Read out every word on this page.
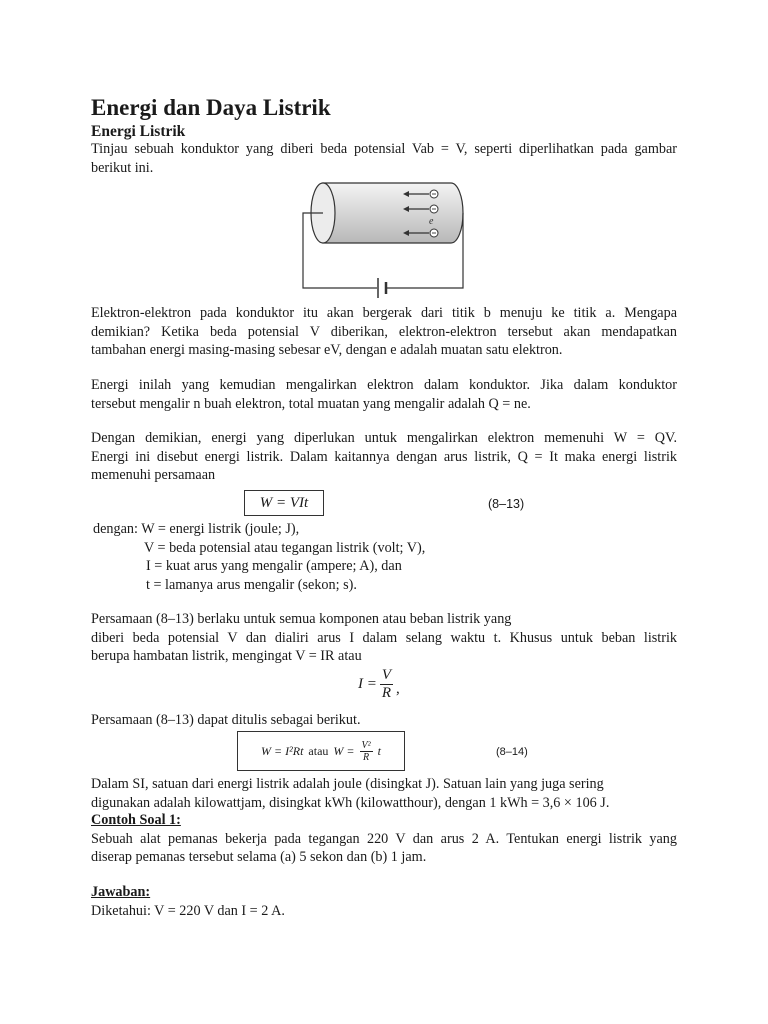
Energi dan Daya Listrik
Energi Listrik

Tinjau sebuah konduktor yang diberi beda potensial Vab = V, seperti diperlihatkan pada gambar
berikut ini.

e

Elektron-elektron pada konduktor itu akan bergerak dari titik b menuju ke titik a. Mengapa
demikian? Ketika beda potensial V diberikan, elektron-elektron tersebut akan mendapatkan
tambahan energi masing-masing sebesar eV, dengan e adalah muatan satu elektron.

Energi inilah yang kemudian mengalirkan elektron dalam konduktor. Jika dalam konduktor
tersebut mengalir n buah elektron, total muatan yang mengalir adalah Q = ne.

Dengan demikian, energi yang diperlukan untuk mengalirkan elektron memenuhi W = QV.
Energi ini disebut energi listrik. Dalam kaitannya dengan arus listrik, Q = It maka energi listrik
memenuhi persamaan

W = VIt	(8–13)

dengan: W = energi listrik (joule; J),
V = beda potensial atau tegangan listrik (volt; V),
I = kuat arus yang mengalir (ampere; A), dan
t = lamanya arus mengalir (sekon; s).

Persamaan (8–13) berlaku untuk semua komponen atau beban listrik yang
diberi beda potensial V dan dialiri arus I dalam selang waktu t. Khusus untuk beban listrik
berupa hambatan listrik, mengingat V = IR atau

$I = \frac{V}{R}$ ,

Persamaan (8–13) dapat ditulis sebagai berikut.

W = I²Rt atau $W = \frac{\text{V²}}{R}$ t	(8–14)

Dalam SI, satuan dari energi listrik adalah joule (disingkat J). Satuan lain yang juga sering
digunakan adalah kilowattjam, disingkat kWh (kilowatthour), dengan 1 kWh = 3,6 × 106 J.

Contoh Soal 1:
Sebuah alat pemanas bekerja pada tegangan 220 V dan arus 2 A. Tentukan energi listrik yang
diserap pemanas tersebut selama (a) 5 sekon dan (b) 1 jam.

Jawaban:
Diketahui: V = 220 V dan I = 2 A.
